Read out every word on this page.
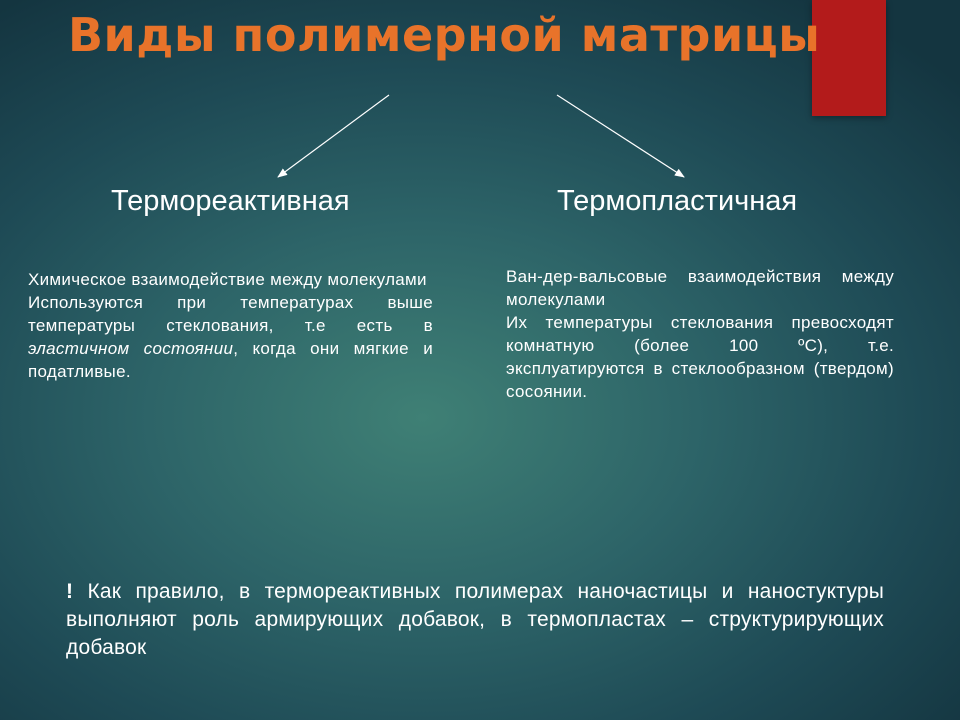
Виды полимерной матрицы
Термореактивная	Термопластичная

Химическое взаимодействие между молекулами

Используются при температурах выше температуры стеклования, т.е есть в эластичном состоянии, когда они мягкие и податливые.

Ван-дер-вальсовые взаимодействия между молекулами

Их температуры стеклования превосходят комнатную (более 100 ºС), т.е. эксплуатируются в стеклообразном (твердом) сосоянии.

! Как правило, в термореактивных полимерах наночастицы и наностуктуры выполняют роль армирующих добавок, в термопластах – структурирующих добавок
